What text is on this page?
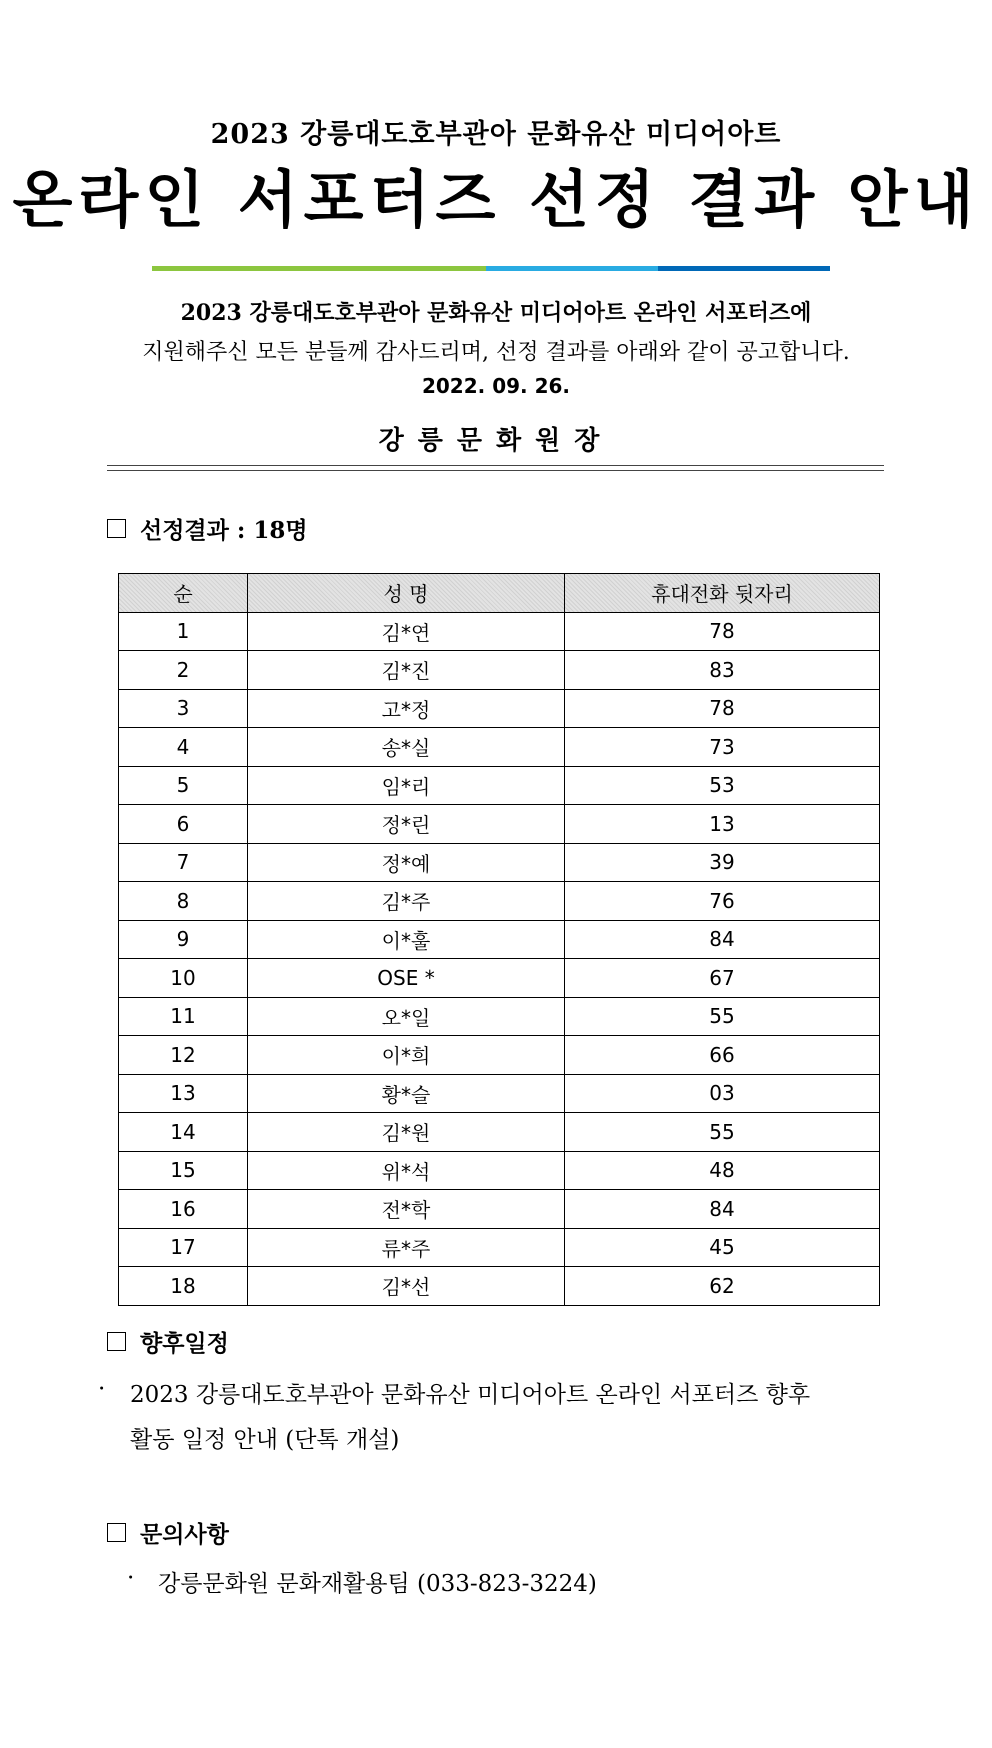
2023 강릉대도호부관아 문화유산 미디어아트
온라인 서포터즈 선정 결과 안내
2023 강릉대도호부관아 문화유산 미디어아트 온라인 서포터즈에
지원해주신 모든 분들께 감사드리며, 선정 결과를 아래와 같이 공고합니다.
2022. 09. 26.
강릉문화원장
선정결과 : 18명
순	성 명	휴대전화 뒷자리
1	김*연	78
2	김*진	83
3	고*정	78
4	송*실	73
5	임*리	53
6	정*린	13
7	정*예	39
8	김*주	76
9	이*훌	84
10	OSE *	67
11	오*일	55
12	이*희	66
13	황*슬	03
14	김*원	55
15	위*석	48
16	전*학	84
17	류*주	45
18	김*선	62
향후일정
· 2023 강릉대도호부관아 문화유산 미디어아트 온라인 서포터즈 향후
활동 일정 안내 (단톡 개설)
문의사항
· 강릉문화원 문화재활용팀 (033-823-3224)
